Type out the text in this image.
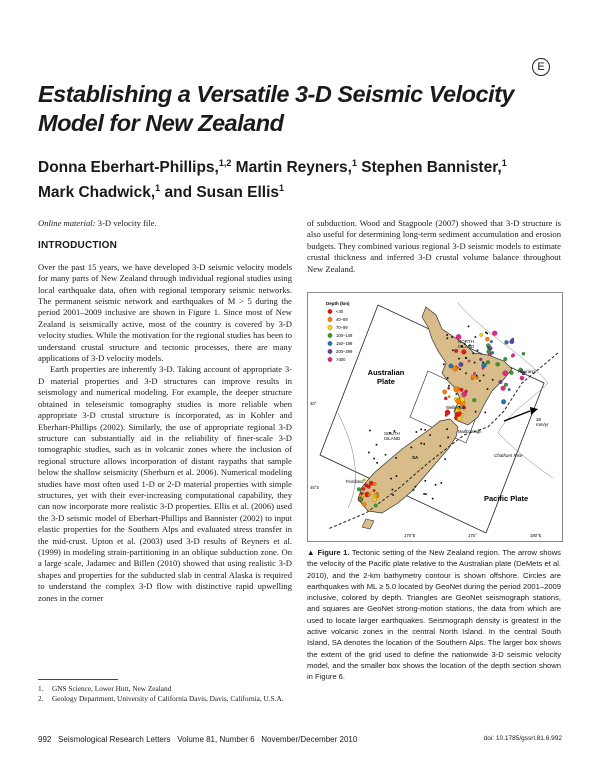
E
Establishing a Versatile 3-D Seismic Velocity Model for New Zealand
Donna Eberhart-Phillips,$^{1,2}$ Martin Reyners,$^1$ Stephen Bannister,$^1$
Mark Chadwick,$^1$ and Susan Ellis$^1$

Online material: 3-D velocity file.

INTRODUCTION

Over the past 15 years, we have developed 3-D seismic velocity models for many parts of New Zealand through individual regional studies using local earthquake data, often with regional temporary seismic networks. The permanent seismic network and earthquakes of M > 5 during the period 2001–2009 inclusive are shown in Figure 1. Since most of New Zealand is seismically active, most of the country is covered by 3-D velocity studies. While the motivation for the regional studies has been to understand crustal structure and tectonic processes, there are many applications of 3-D velocity models.

Earth properties are inherently 3-D. Taking account of appropriate 3-D material properties and 3-D structures can improve results in seismology and numerical modeling. For example, the deeper structure obtained in teleseismic tomography studies is more reliable when appropriate 3-D crustal structure is incorporated, as in Kohler and Eberhart-Phillips (2002). Similarly, the use of appropriate regional 3-D structure can substantially aid in the reliability of finer-scale 3-D tomographic studies, such as in volcanic zones where the inclusion of regional structure allows incorporation of distant raypaths that sample below the shallow seismicity (Sherburn et al. 2006). Numerical modeling studies have most often used 1-D or 2-D material properties with simple structures, yet with their ever-increasing computational capability, they can now incorporate more realistic 3-D properties. Ellis et al. (2006) used the 3-D seismic model of Eberhart-Phillips and Bannister (2002) to input elastic properties for the Southern Alps and evaluated stress transfer in the mid-crust. Upton et al. (2003) used 3-D results of Reyners et al. (1999) in modeling strain-partitioning in an oblique subduction zone. On a large scale, Jadamec and Billen (2010) showed that using realistic 3-D shapes and properties for the subducted slab in central Alaska is required to understand the complex 3-D flow with distinctive rapid upwelling zones in the corner

of subduction. Wood and Stagpoole (2007) showed that 3-D structure is also useful for determining long-term sediment accumulation and erosion budgets. They combined various regional 3-D seismic models to estimate crustal thickness and inferred 3-D crustal volume balance throughout New Zealand.

Depth (km)
<40
40–69
70–99
100–149
150–199
200–299
>300
Australian Plate
Pacific Plate
NORTH ISLAND
SOUTH ISLAND
Hikurangi
Wellington
Marlborough
Chatham Rise
Fiordland
SA
38 mm/yr
40°
45°S
170°E	175°	180°E
▲ Figure 1. Tectonic setting of the New Zealand region. The arrow shows the velocity of the Pacific plate relative to the Australian plate (DeMets et al. 2010), and the 2-km bathymetry contour is shown offshore. Circles are earthquakes with ML ≥ 5.0 located by GeoNet during the period 2001–2009 inclusive, colored by depth. Triangles are GeoNet seismograph stations, and squares are GeoNet strong-motion stations, the data from which are used to locate larger earthquakes. Seismograph density is greatest in the active volcanic zones in the central North Island. In the central South Island, SA denotes the location of the Southern Alps. The larger box shows the extent of the grid used to define the nationwide 3-D seismic velocity model, and the smaller box shows the location of the depth section shown in Figure 6.
1.	GNS Science, Lower Hutt, New Zealand
2.	Geology Department, University of California Davis, Davis, California, U.S.A.
992 Seismological Research Letters Volume 81, Number 6 November/December 2010	doi: 10.1785/gssrl.81.6.992
